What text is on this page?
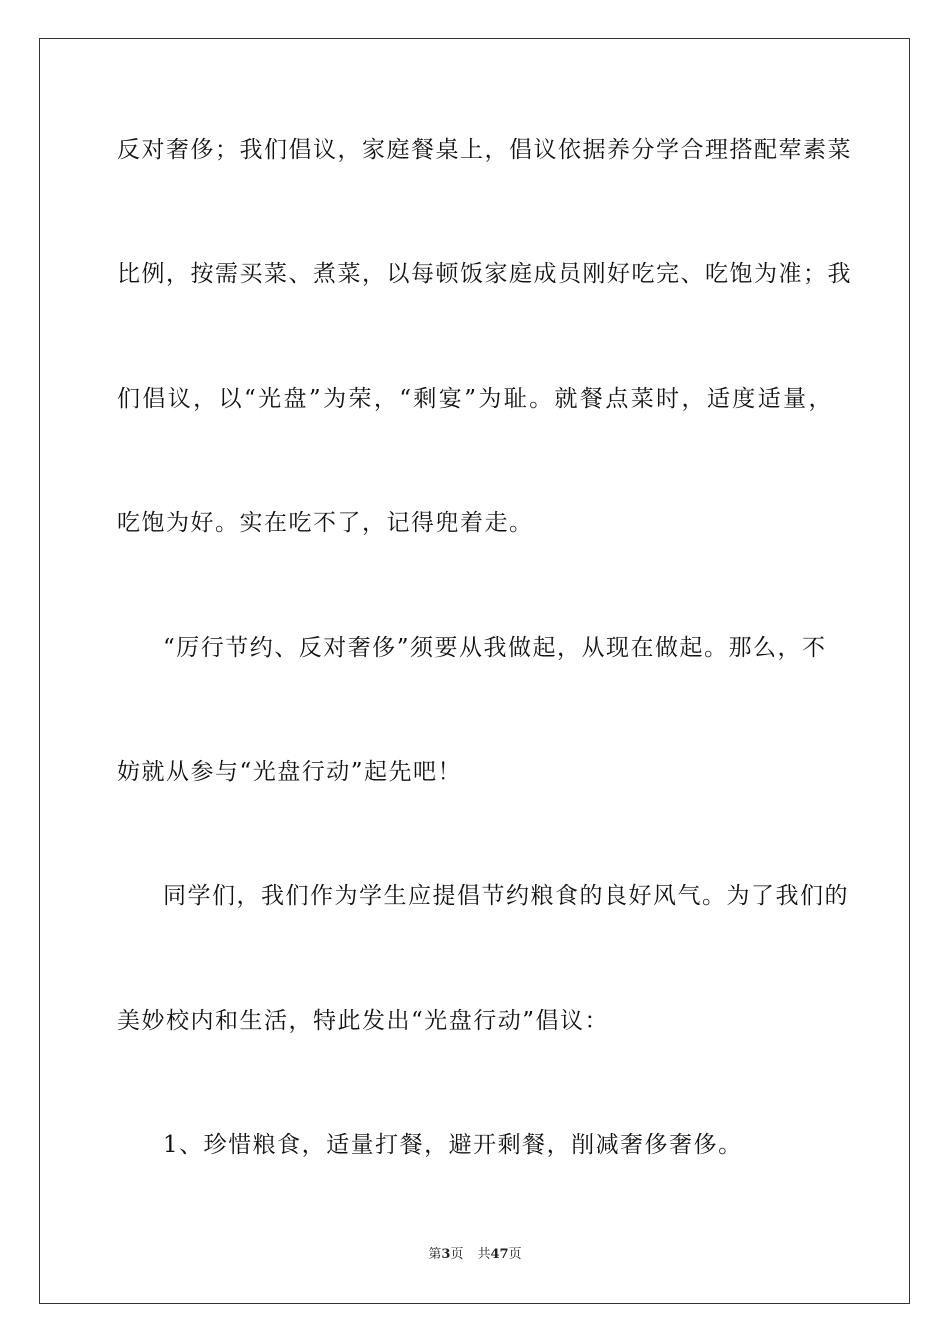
反对奢侈；我们倡议，家庭餐桌上，倡议依据养分学合理搭配荤素菜
比例，按需买菜、煮菜，以每顿饭家庭成员刚好吃完、吃饱为准；我
们倡议，以“光盘”为荣，“剩宴”为耻。就餐点菜时，适度适量，
吃饱为好。实在吃不了，记得兜着走。
“厉行节约、反对奢侈”须要从我做起，从现在做起。那么，不
妨就从参与“光盘行动”起先吧！
同学们，我们作为学生应提倡节约粮食的良好风气。为了我们的
美妙校内和生活，特此发出“光盘行动”倡议：
1、珍惜粮食，适量打餐，避开剩餐，削减奢侈奢侈。
第3页 共47页
